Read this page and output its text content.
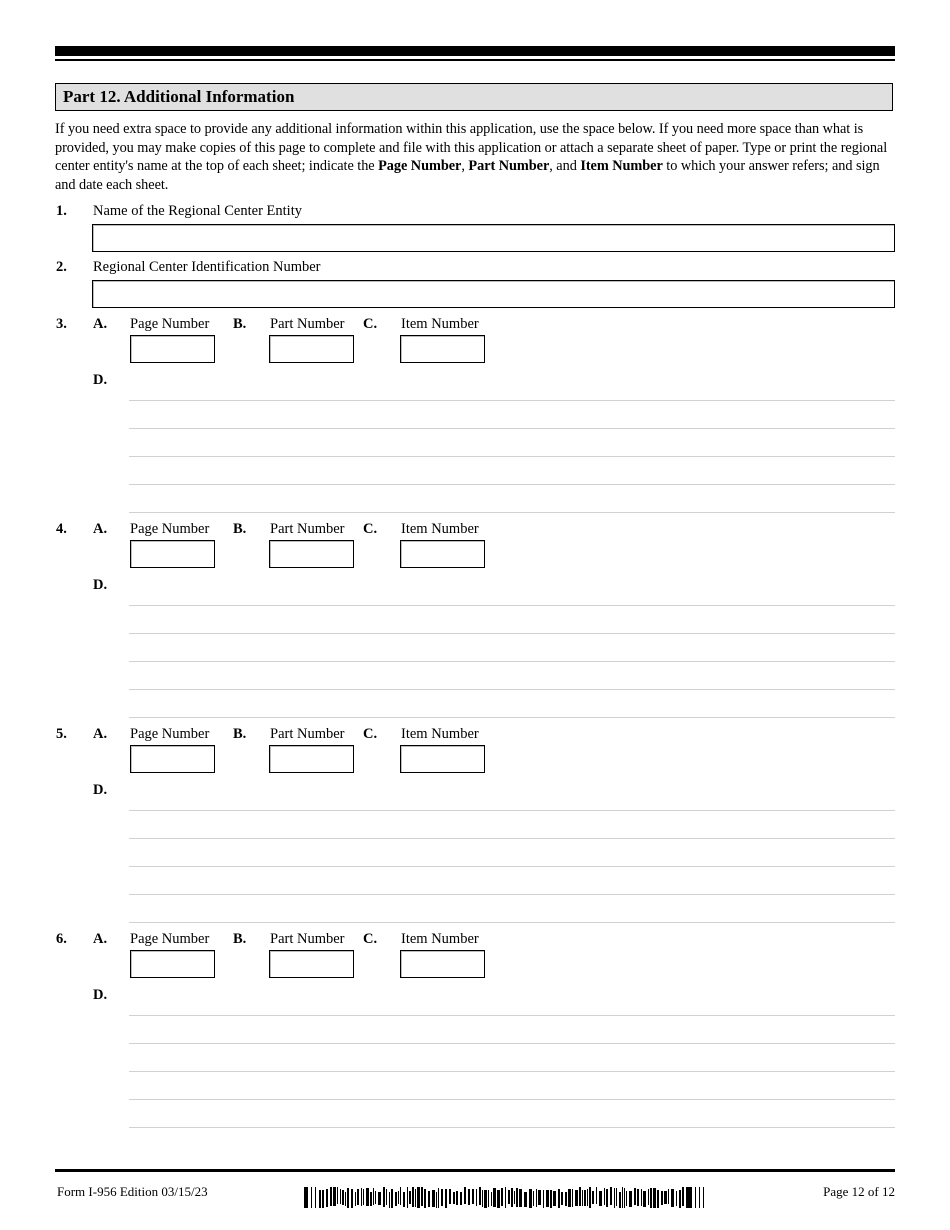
Part 12. Additional Information
If you need extra space to provide any additional information within this application, use the space below. If you need more space than what is provided, you may make copies of this page to complete and file with this application or attach a separate sheet of paper. Type or print the regional center entity's name at the top of each sheet; indicate the Page Number, Part Number, and Item Number to which your answer refers; and sign and date each sheet.
1. Name of the Regional Center Entity
2. Regional Center Identification Number
3. A. Page Number B. Part Number C. Item Number
D.
4. A. Page Number B. Part Number C. Item Number
D.
5. A. Page Number B. Part Number C. Item Number
D.
6. A. Page Number B. Part Number C. Item Number
D.
Form I-956 Edition 03/15/23	Page 12 of 12
